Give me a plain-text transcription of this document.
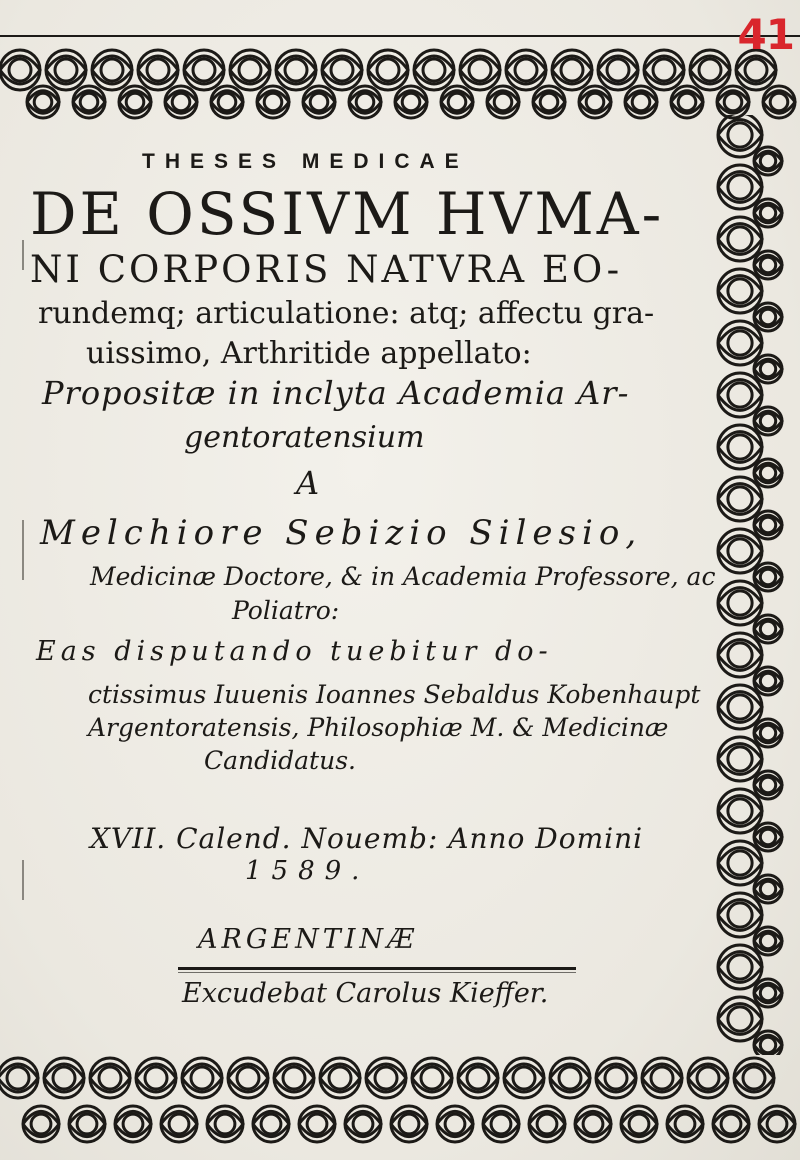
41
THESES MEDICAE
DE OSSIVM HVMA-
NI CORPORIS NATVRA EO-
rundemq; articulatione: atq; affectu gra-
uissimo, Arthritide appellato:
Propositæ in inclyta Academia Ar-
gentoratensium
A
Melchiore Sebizio Silesio,
Medicinæ Doctore, & in Academia Professore, ac
Poliatro:
Eas disputando tuebitur do-
ctissimus Iuuenis Ioannes Sebaldus Kobenhaupt
Argentoratensis, Philosophiæ M. & Medicinæ
Candidatus.
XVII. Calend. Nouemb: Anno Domini
1589.
ARGENTINÆ
Excudebat Carolus Kieffer.
